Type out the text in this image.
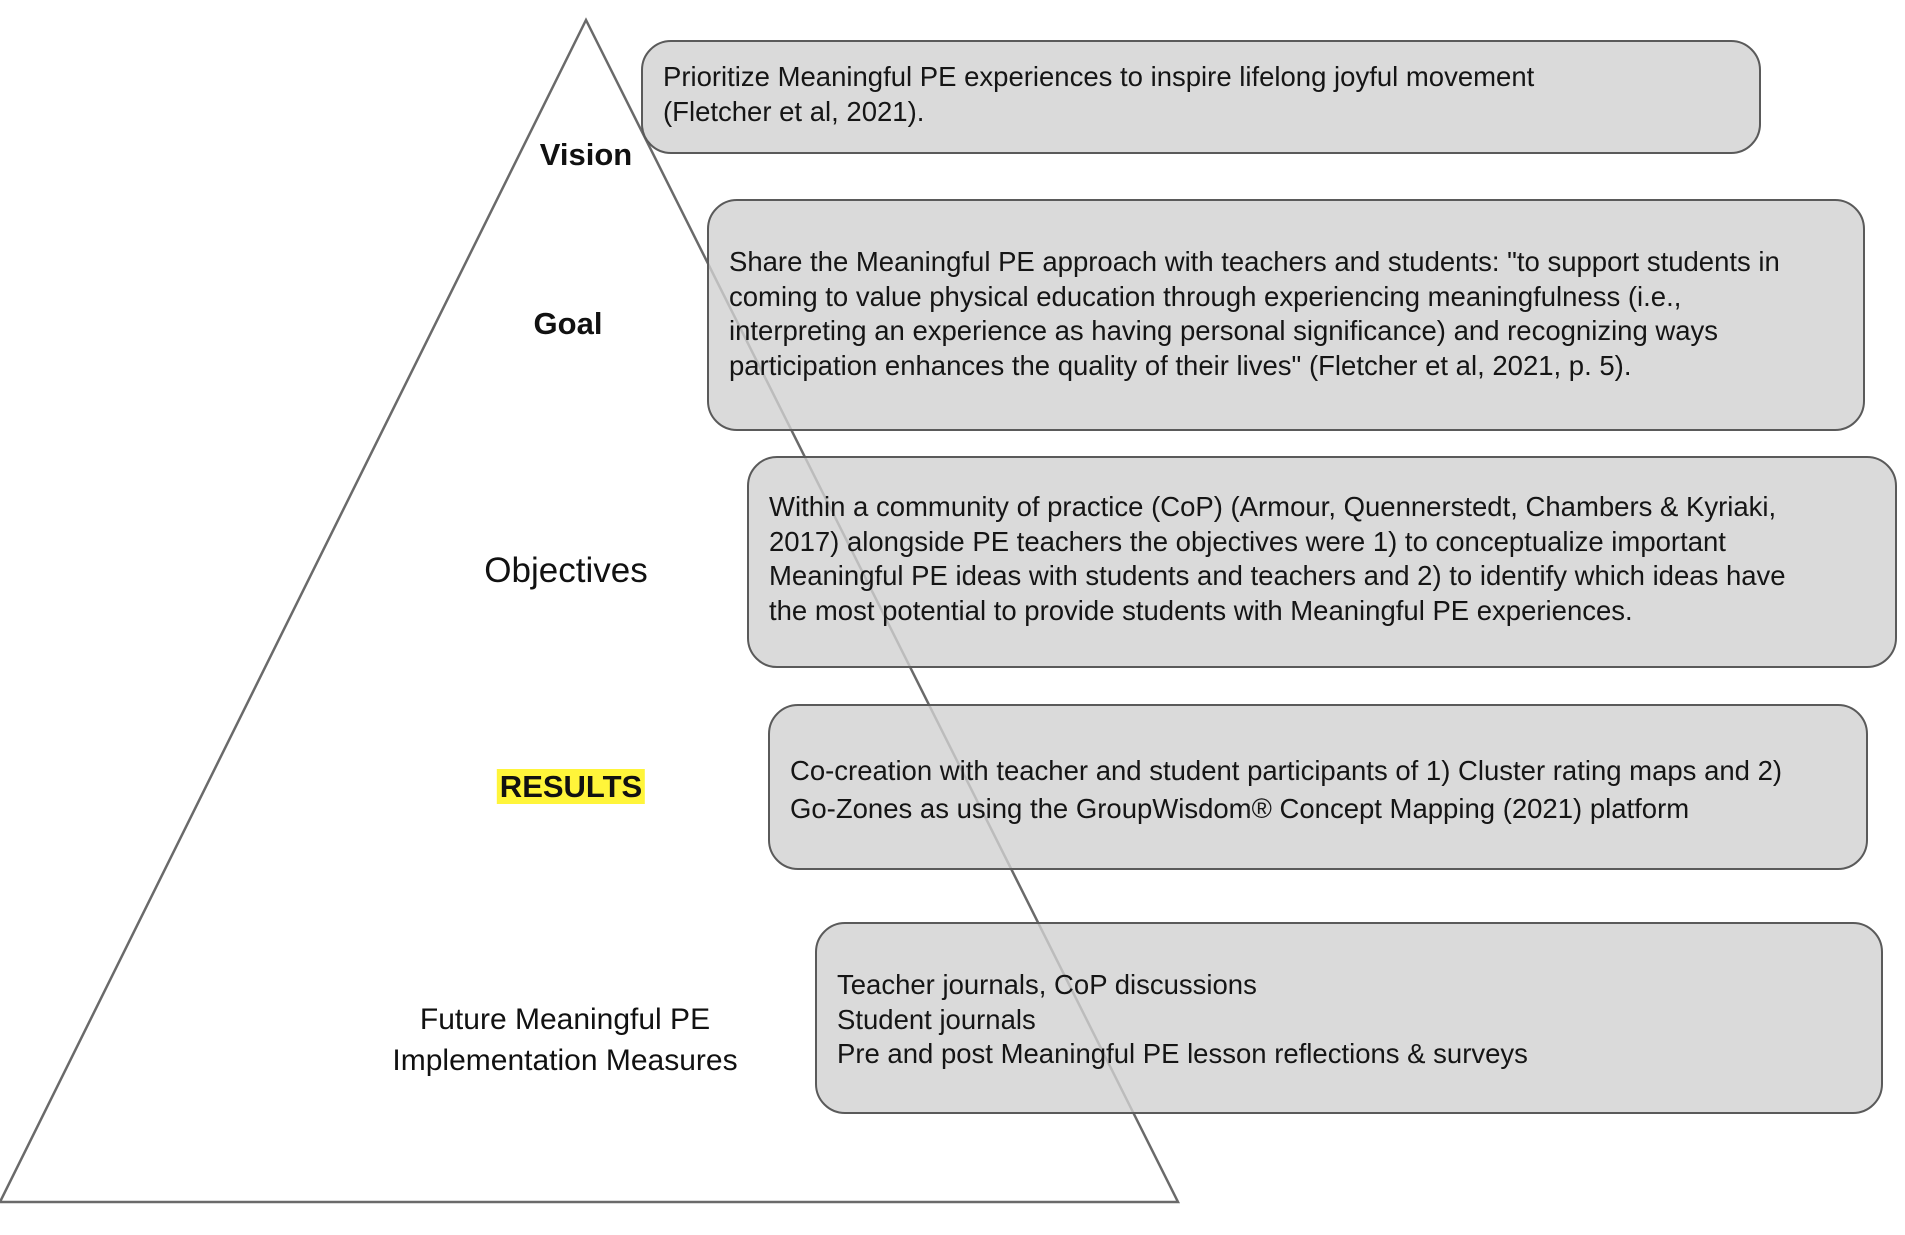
Vision
Goal
Objectives
RESULTS
Future Meaningful PE Implementation Measures
Prioritize Meaningful PE experiences to inspire lifelong joyful movement
(Fletcher et al, 2021).
Share the Meaningful PE approach with teachers and students: "to support students in
coming to value physical education through experiencing meaningfulness (i.e.,
interpreting an experience as having personal significance) and recognizing ways
participation enhances the quality of their lives" (Fletcher et al, 2021, p. 5).
Within a community of practice (CoP) (Armour, Quennerstedt, Chambers & Kyriaki,
2017) alongside PE teachers the objectives were 1) to conceptualize important
Meaningful PE ideas with students and teachers and 2) to identify which ideas have
the most potential to provide students with Meaningful PE experiences.
Co-creation with teacher and student participants of 1) Cluster rating maps and 2)
Go-Zones as using the GroupWisdom® Concept Mapping (2021) platform
Teacher journals, CoP discussions
Student journals
Pre and post Meaningful PE lesson reflections & surveys
